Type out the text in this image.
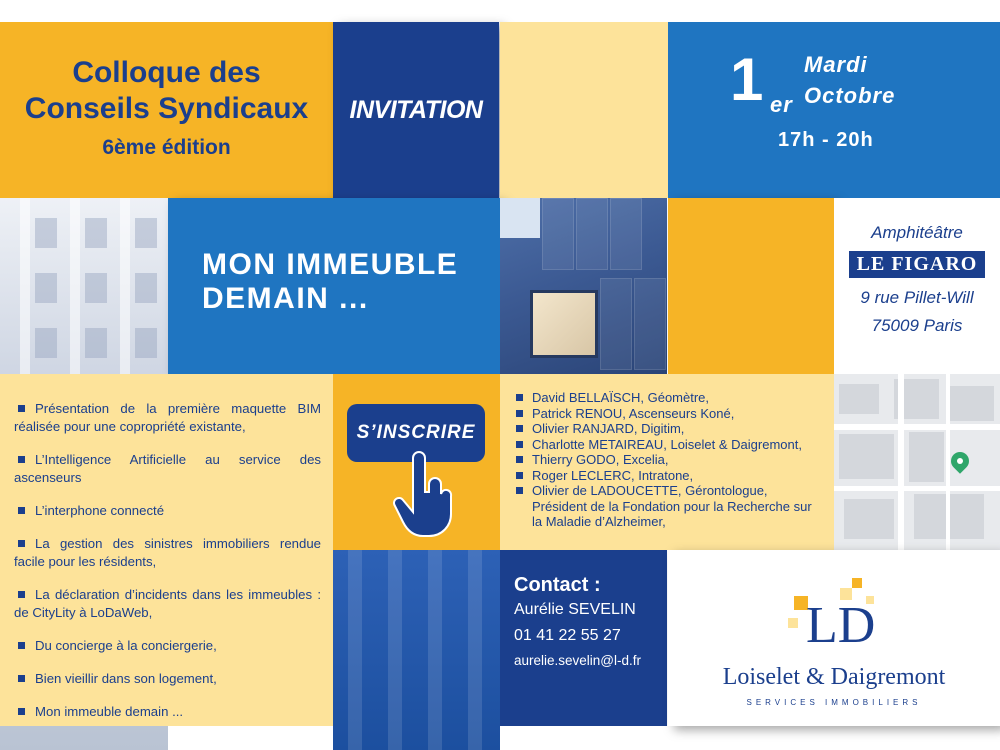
Colloque des
Conseils Syndicaux
6ème édition
INVITATION	1 er
Mardi
Octobre
17h - 20h
MON IMMEUBLE
DEMAIN ...
Amphitéâtre
LE FIGARO
9 rue Pillet-Will
75009 Paris
Présentation de la première maquette BIM réalisée pour une copropriété existante,
L’Intelligence Artificielle au service des ascenseurs
L’interphone connecté
La gestion des sinistres immobiliers rendue facile pour les résidents,
La déclaration d’incidents dans les immeubles : de CityLity à LoDaWeb,
Du concierge à la conciergerie,
Bien vieillir dans son logement,
Mon immeuble demain ...
S’INSCRIRE
David BELLAÏSCH, Géomètre,
Patrick RENOU, Ascenseurs Koné,
Olivier RANJARD, Digitim,
Charlotte METAIREAU, Loiselet & Daigremont,
Thierry GODO, Excelia,
Roger LECLERC, Intratone,
Olivier de LADOUCETTE, Gérontologue,
Président de la Fondation pour la Recherche sur
la Maladie d’Alzheimer,
Contact :
Aurélie SEVELIN
01 41 22 55 27
aurelie.sevelin@l-d.fr
LD
Loiselet & Daigremont
SERVICES IMMOBILIERS
